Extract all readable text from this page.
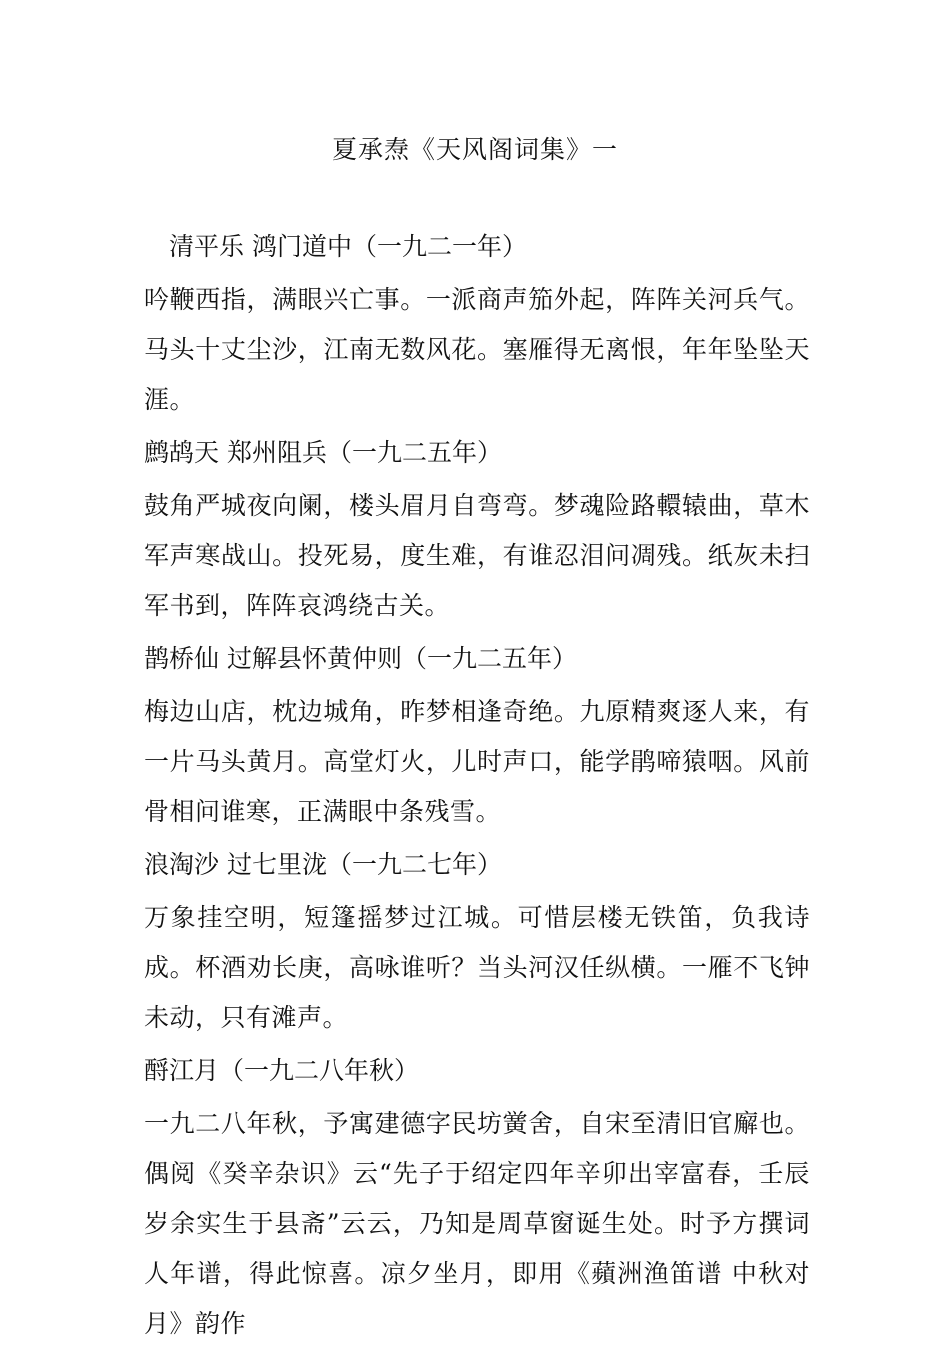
夏承焘《天风阁词集》一
清平乐 鸿门道中（一九二一年）
吟鞭西指，满眼兴亡事。一派商声笳外起，阵阵关河兵气。马头十丈尘沙，江南无数风花。塞雁得无离恨，年年坠坠天涯。
鹧鸪天 郑州阻兵（一九二五年）
鼓角严城夜向阑，楼头眉月自弯弯。梦魂险路轘辕曲，草木军声寒战山。投死易，度生难，有谁忍泪问凋残。纸灰未扫军书到，阵阵哀鸿绕古关。
鹊桥仙 过解县怀黄仲则（一九二五年）
梅边山店，枕边城角，昨梦相逢奇绝。九原精爽逐人来，有一片马头黄月。高堂灯火，儿时声口，能学鹃啼猿咽。风前骨相问谁寒，正满眼中条残雪。
浪淘沙 过七里泷（一九二七年）
万象挂空明，短篷摇梦过江城。可惜层楼无铁笛，负我诗成。杯酒劝长庚，高咏谁听？当头河汉任纵横。一雁不飞钟未动，只有滩声。
酹江月（一九二八年秋）
一九二八年秋，予寓建德字民坊黉舍，自宋至清旧官廨也。偶阅《癸辛杂识》云“先子于绍定四年辛卯出宰富春，壬辰岁余实生于县斋”云云，乃知是周草窗诞生处。时予方撰词人年谱，得此惊喜。凉夕坐月，即用《蘋洲渔笛谱 中秋对月》韵作
